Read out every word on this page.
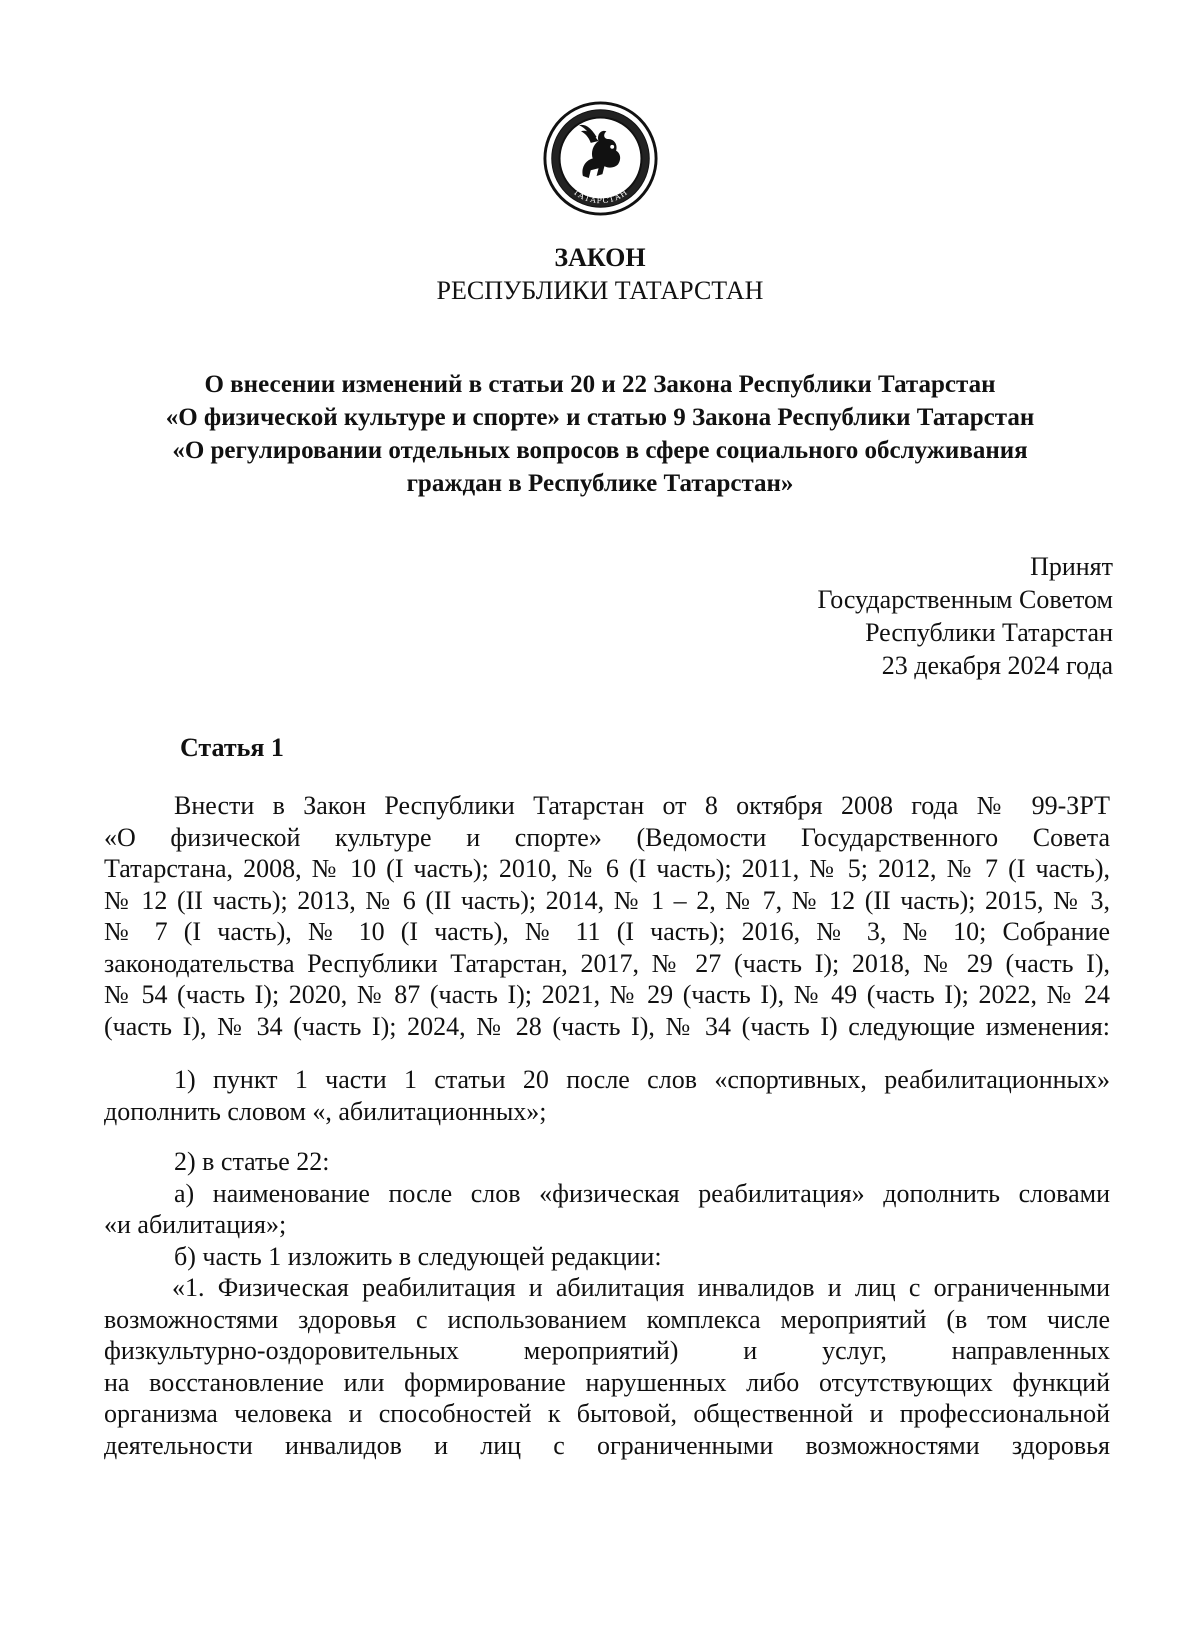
ТАТАРСТАН
ЗАКОН
РЕСПУБЛИКИ ТАТАРСТАН
О внесении изменений в статьи 20 и 22 Закона Республики Татарстан
«О физической культуре и спорте» и статью 9 Закона Республики Татарстан
«О регулировании отдельных вопросов в сфере социального обслуживания
граждан в Республике Татарстан»
Принят
Государственным Советом
Республики Татарстан
23 декабря 2024 года
Статья 1
Внести в Закон Республики Татарстан от 8 октября 2008 года № 99-ЗРТ
«О физической культуре и спорте» (Ведомости Государственного Совета
Татарстана, 2008, № 10 (I часть); 2010, № 6 (I часть); 2011, № 5; 2012, № 7 (I часть),
№ 12 (II часть); 2013, № 6 (II часть); 2014, № 1 – 2, № 7, № 12 (II часть); 2015, № 3,
№ 7 (I часть), № 10 (I часть), № 11 (I часть); 2016, № 3, № 10; Собрание
законодательства Республики Татарстан, 2017, № 27 (часть I); 2018, № 29 (часть I),
№ 54 (часть I); 2020, № 87 (часть I); 2021, № 29 (часть I), № 49 (часть I); 2022, № 24
(часть I), № 34 (часть I); 2024, № 28 (часть I), № 34 (часть I) следующие изменения:
1) пункт 1 части 1 статьи 20 после слов «спортивных, реабилитационных»
дополнить словом «, абилитационных»;
2) в статье 22:
а) наименование после слов «физическая реабилитация» дополнить словами
«и абилитация»;
б) часть 1 изложить в следующей редакции:
«1. Физическая реабилитация и абилитация инвалидов и лиц с ограниченными
возможностями здоровья с использованием комплекса мероприятий (в том числе
физкультурно-оздоровительных мероприятий) и услуг, направленных
на восстановление или формирование нарушенных либо отсутствующих функций
организма человека и способностей к бытовой, общественной и профессиональной
деятельности инвалидов и лиц с ограниченными возможностями здоровья
